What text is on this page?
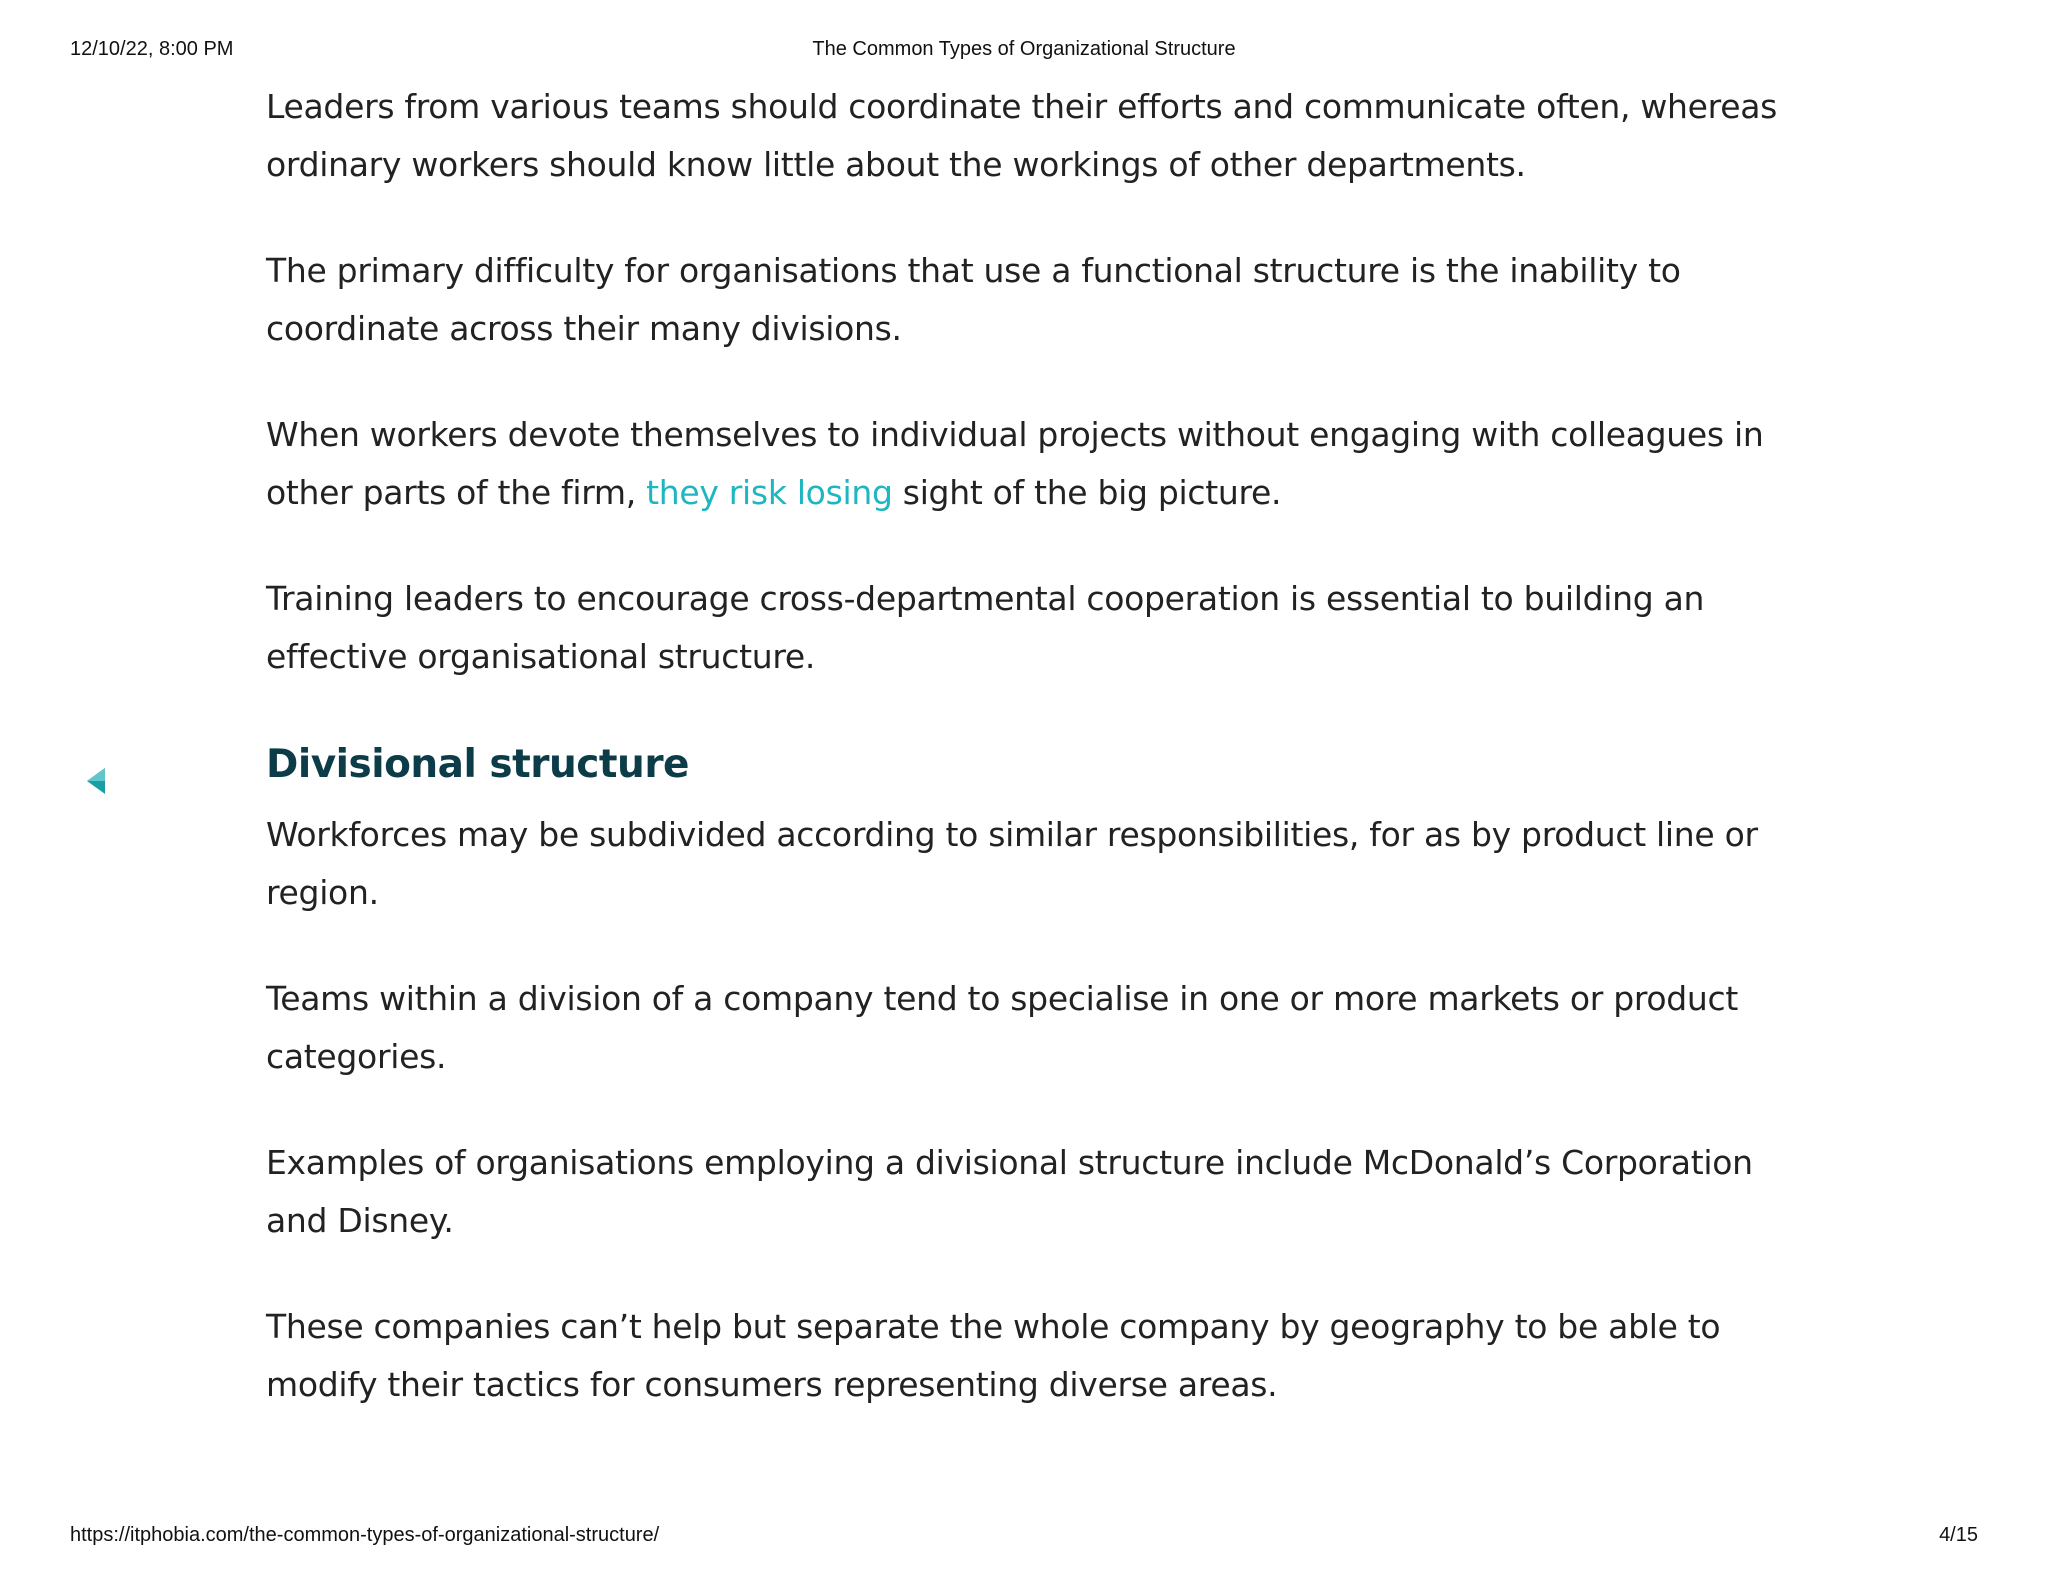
12/10/22, 8:00 PM	The Common Types of Organizational Structure

Leaders from various teams should coordinate their efforts and communicate often, whereas ordinary workers should know little about the workings of other departments.

The primary difficulty for organisations that use a functional structure is the inability to coordinate across their many divisions.

When workers devote themselves to individual projects without engaging with colleagues in other parts of the firm, they risk losing sight of the big picture.

Training leaders to encourage cross-departmental cooperation is essential to building an effective organisational structure.

Divisional structure

Workforces may be subdivided according to similar responsibilities, for as by product line or region.

Teams within a division of a company tend to specialise in one or more markets or product categories.

Examples of organisations employing a divisional structure include McDonald’s Corporation and Disney.

These companies can’t help but separate the whole company by geography to be able to modify their tactics for consumers representing diverse areas.

https://itphobia.com/the-common-types-of-organizational-structure/	4/15
